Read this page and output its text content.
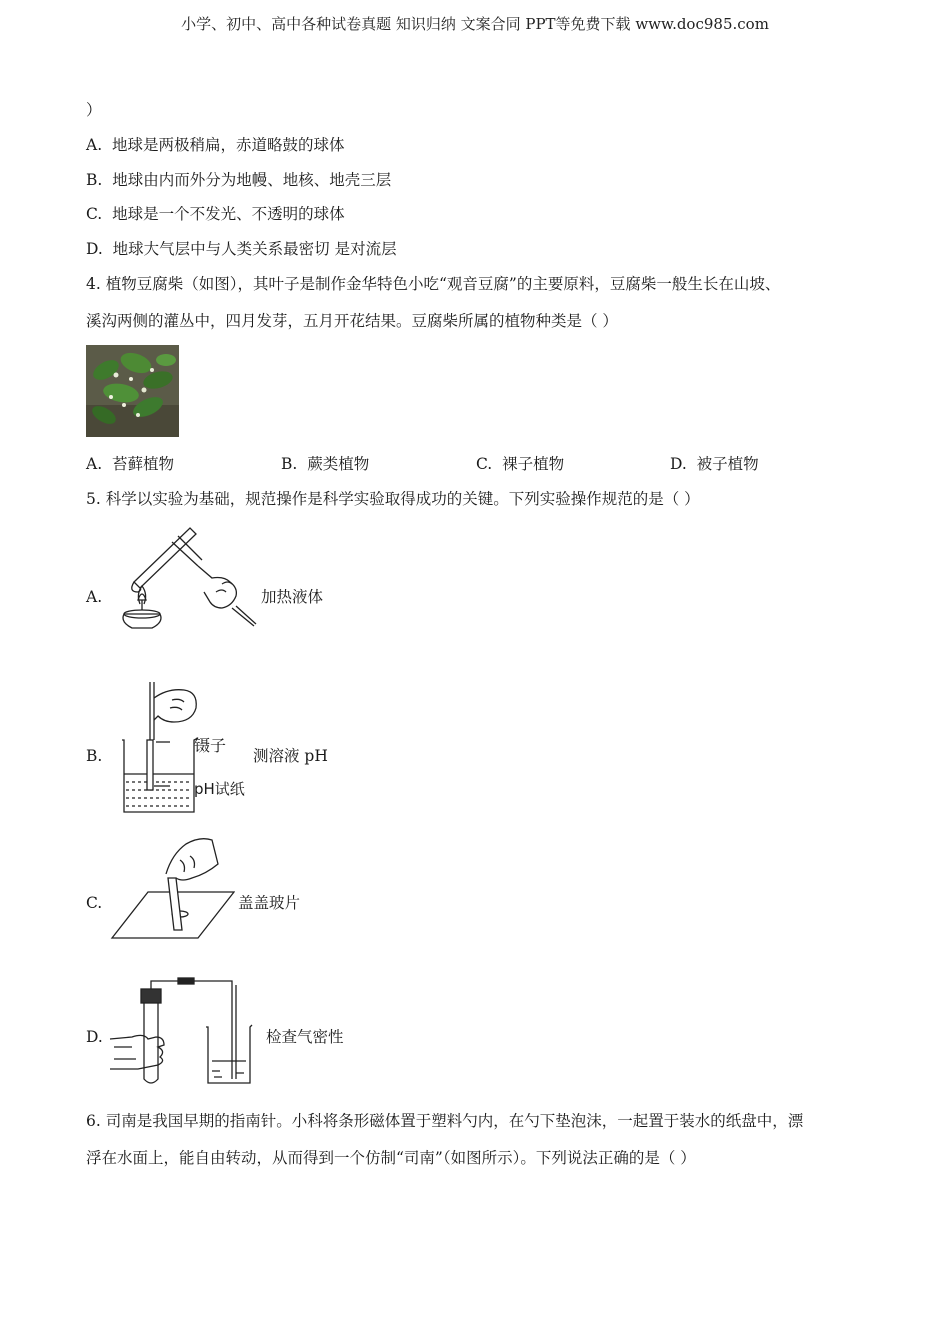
小学、初中、高中各种试卷真题 知识归纳 文案合同 PPT等免费下载 www.doc985.com
）
A. 地球是两极稍扁，赤道略鼓的球体
B. 地球由内而外分为地幔、地核、地壳三层
C. 地球是一个不发光、不透明的球体
D. 地球大气层中与人类关系最密切 是对流层
4. 植物豆腐柴（如图），其叶子是制作金华特色小吃“观音豆腐”的主要原料，豆腐柴一般生长在山坡、
溪沟两侧的灌丛中，四月发芽，五月开花结果。豆腐柴所属的植物种类是（ ）
A. 苔藓植物	B. 蕨类植物	C. 裸子植物	D. 被子植物
5. 科学以实验为基础，规范操作是科学实验取得成功的关键。下列实验操作规范的是（ ）
A.	加热液体
B.
镊子
pH试纸
测溶液 pH
C.	盖盖玻片
D.	检查气密性
6. 司南是我国早期的指南针。小科将条形磁体置于塑料勺内，在勺下垫泡沫，一起置于装水的纸盘中，漂
浮在水面上，能自由转动，从而得到一个仿制“司南”（如图所示）。下列说法正确的是（ ）
